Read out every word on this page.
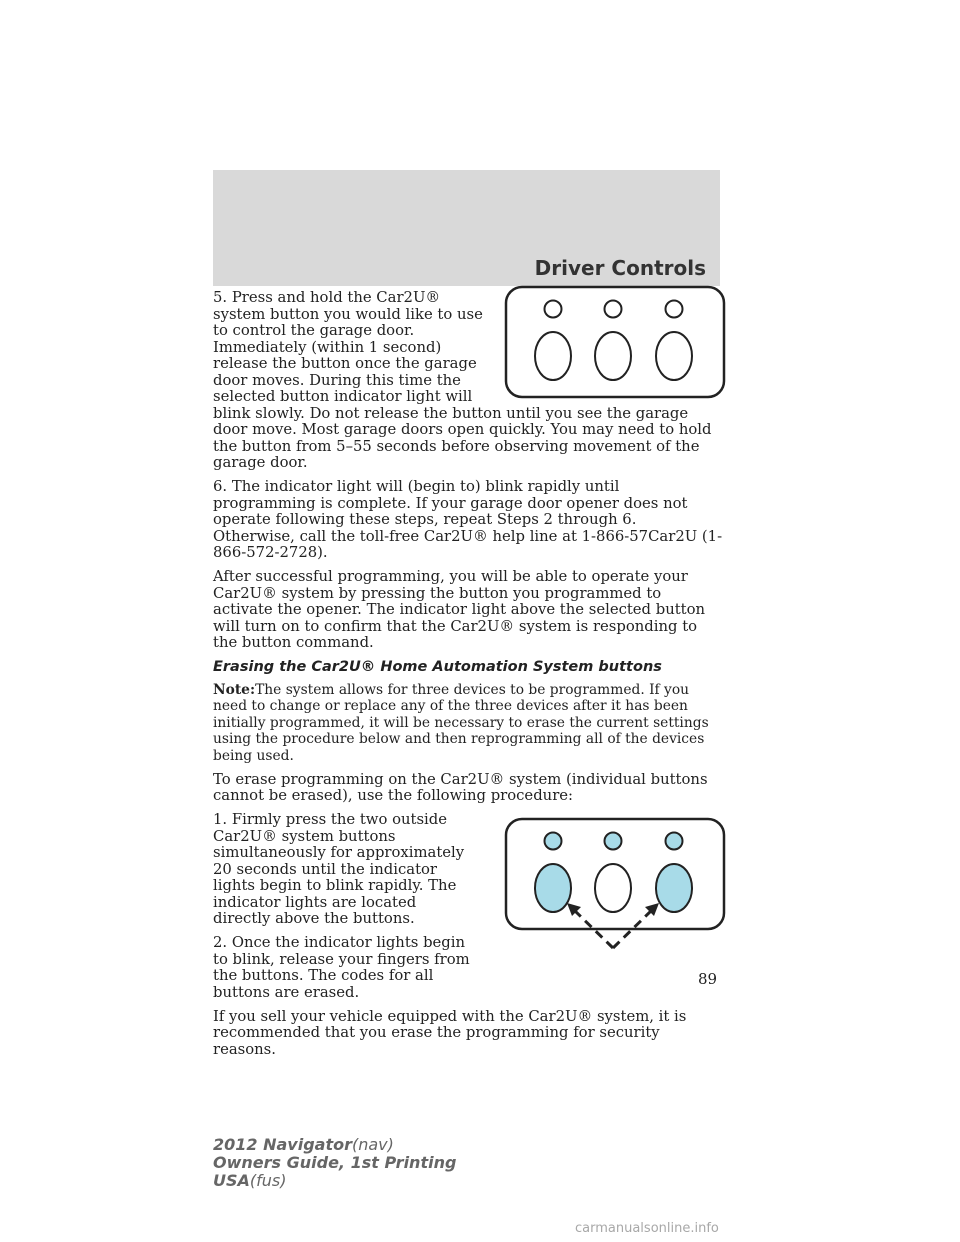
Driver Controls

5. Press and hold the Car2U® system button you would like to use to control the garage door. Immediately (within 1 second) release the button once the garage door moves. During this time the selected button indicator light will blink slowly. Do not release the button until you see the garage door move. Most garage doors open quickly. You may need to hold the button from 5–55 seconds before observing movement of the garage door.

6. The indicator light will (begin to) blink rapidly until programming is complete. If your garage door opener does not operate following these steps, repeat Steps 2 through 6. Otherwise, call the toll-free Car2U® help line at 1-866-57Car2U (1-866-572-2728).

After successful programming, you will be able to operate your Car2U® system by pressing the button you programmed to activate the opener. The indicator light above the selected button will turn on to confirm that the Car2U® system is responding to the button command.

Erasing the Car2U® Home Automation System buttons

Note:The system allows for three devices to be programmed. If you need to change or replace any of the three devices after it has been initially programmed, it will be necessary to erase the current settings using the procedure below and then reprogramming all of the devices being used.

To erase programming on the Car2U® system (individual buttons cannot be erased), use the following procedure:

1. Firmly press the two outside Car2U® system buttons simultaneously for approximately 20 seconds until the indicator lights begin to blink rapidly. The indicator lights are located directly above the buttons.

2. Once the indicator lights begin to blink, release your fingers from the buttons. The codes for all buttons are erased.

If you sell your vehicle equipped with the Car2U® system, it is recommended that you erase the programming for security reasons.

89
2012 Navigator(nav)
Owners Guide, 1st Printing
USA(fus)
carmanualsonline.info
